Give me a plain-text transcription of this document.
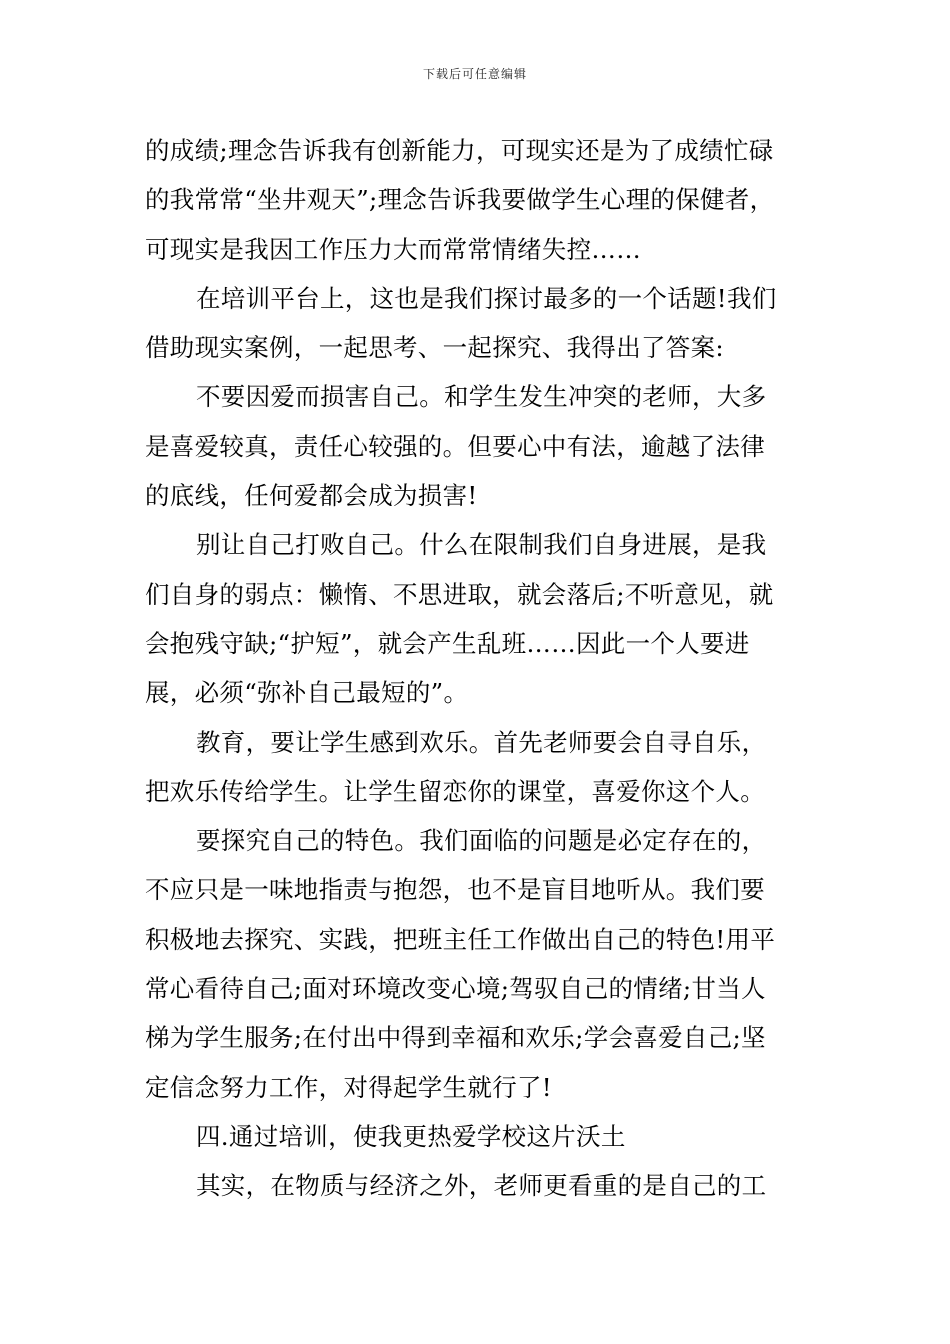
下载后可任意编辑
的成绩;理念告诉我有创新能力，可现实还是为了成绩忙碌
的我常常“坐井观天”;理念告诉我要做学生心理的保健者，
可现实是我因工作压力大而常常情绪失控……
在培训平台上，这也是我们探讨最多的一个话题!我们
借助现实案例，一起思考、一起探究、我得出了答案:
不要因爱而损害自己。和学生发生冲突的老师，大多
是喜爱较真，责任心较强的。但要心中有法，逾越了法律
的底线，任何爱都会成为损害!
别让自己打败自己。什么在限制我们自身进展，是我
们自身的弱点：懒惰、不思进取，就会落后;不听意见，就
会抱残守缺;“护短”，就会产生乱班……因此一个人要进
展，必须“弥补自己最短的”。
教育，要让学生感到欢乐。首先老师要会自寻自乐，
把欢乐传给学生。让学生留恋你的课堂，喜爱你这个人。
要探究自己的特色。我们面临的问题是必定存在的，
不应只是一味地指责与抱怨，也不是盲目地听从。我们要
积极地去探究、实践，把班主任工作做出自己的特色!用平
常心看待自己;面对环境改变心境;驾驭自己的情绪;甘当人
梯为学生服务;在付出中得到幸福和欢乐;学会喜爱自己;坚
定信念努力工作，对得起学生就行了!
四.通过培训，使我更热爱学校这片沃土
其实，在物质与经济之外，老师更看重的是自己的工
